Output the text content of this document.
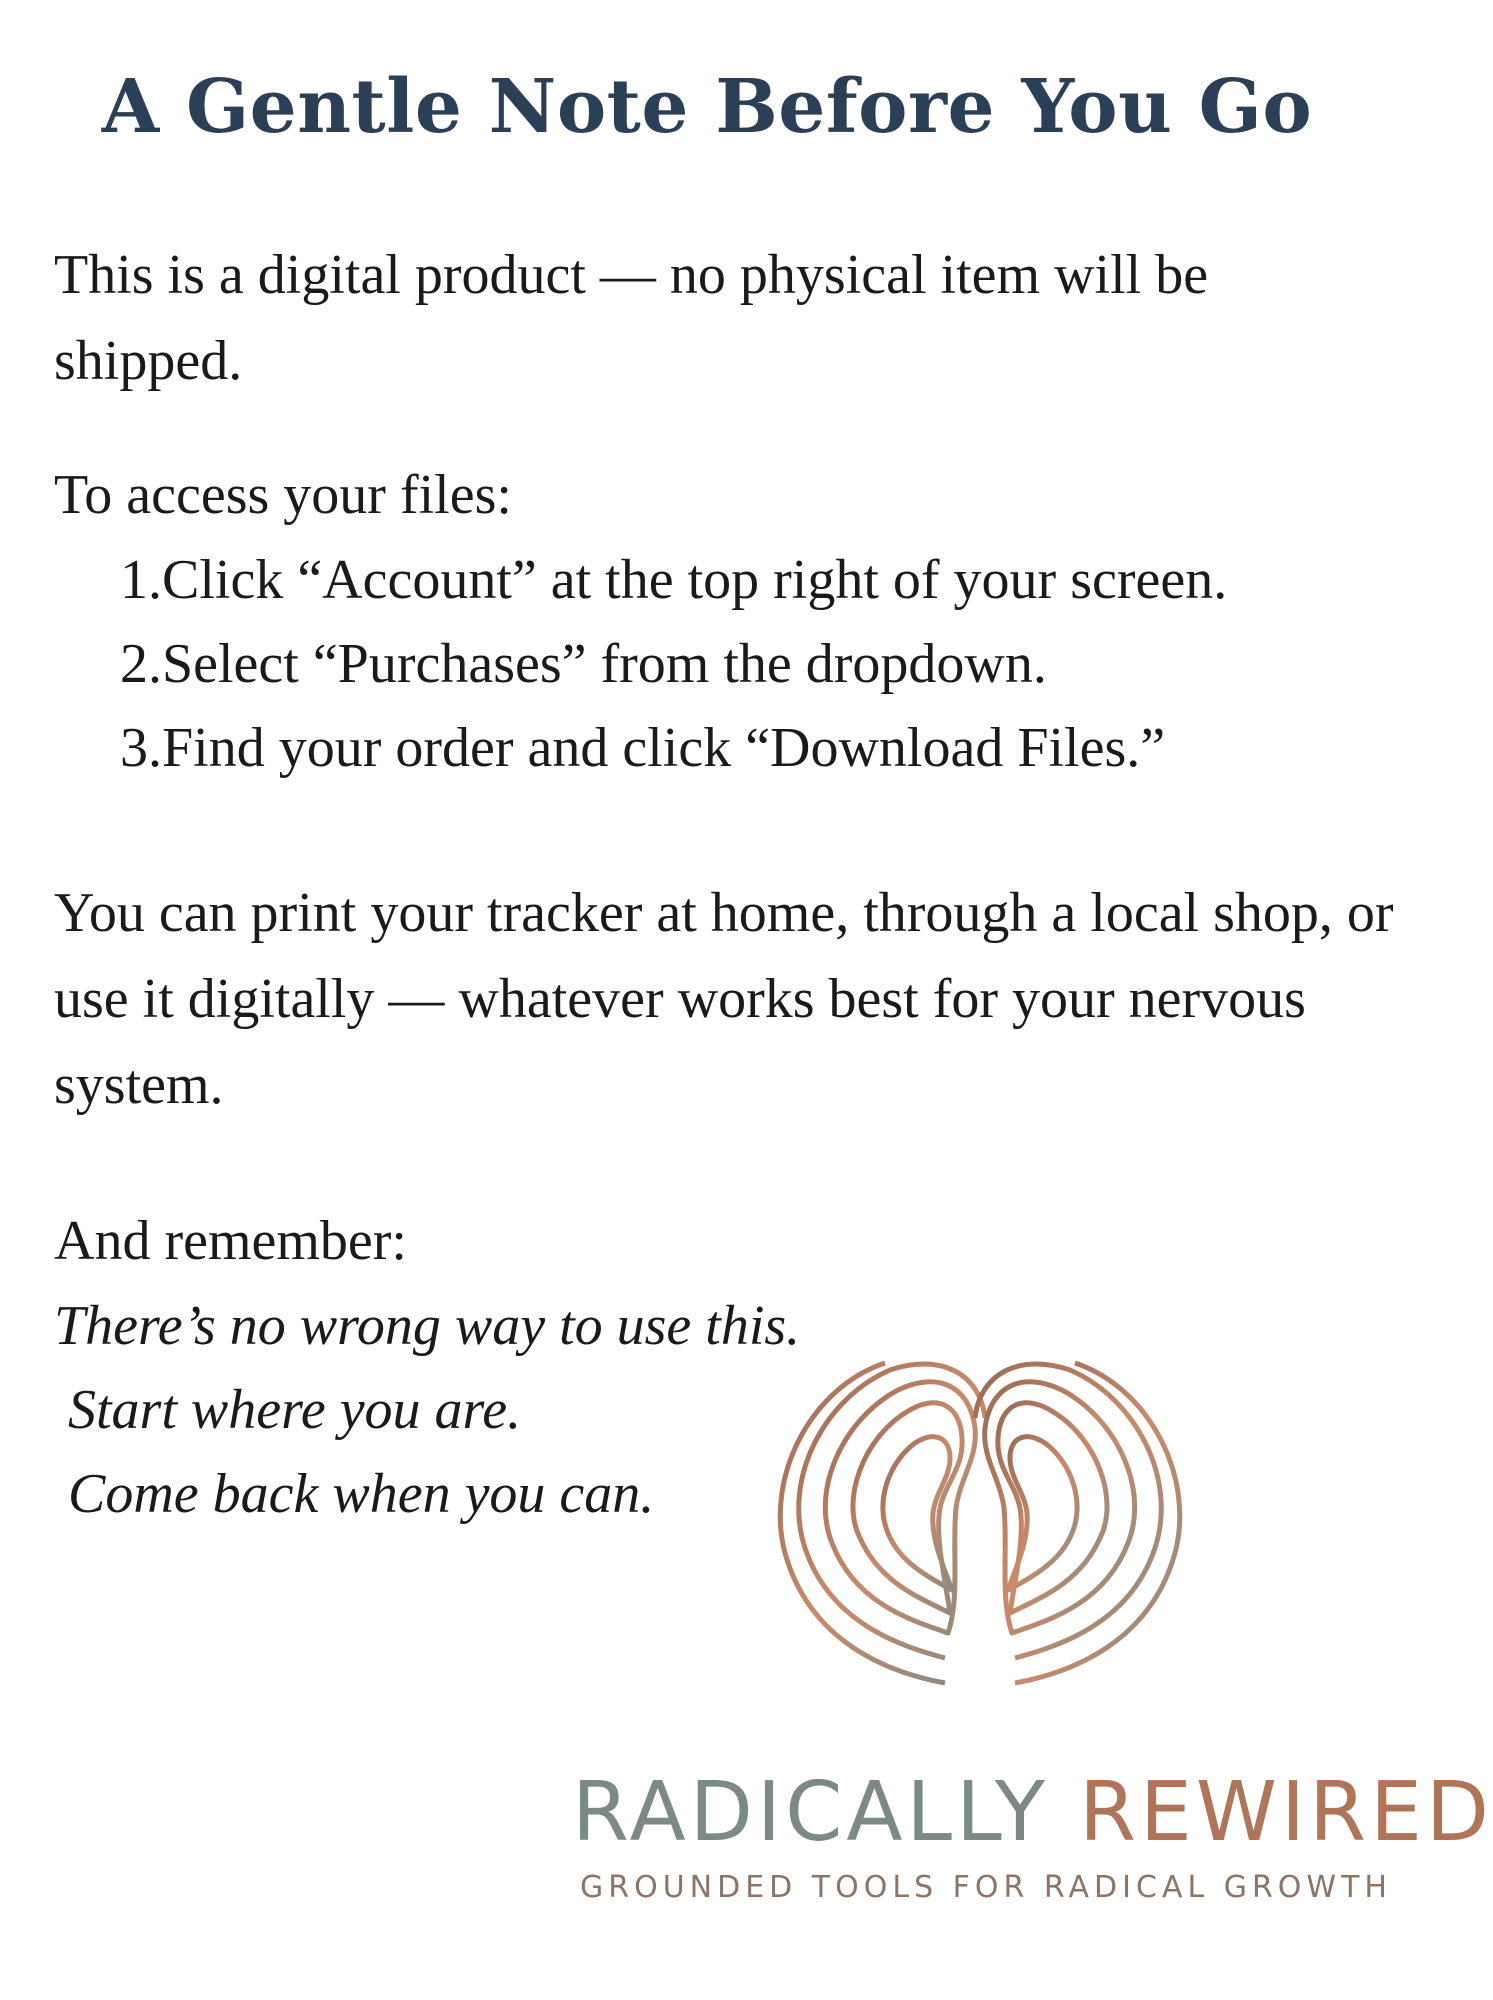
A Gentle Note Before You Go

This is a digital product — no physical item will be shipped.

To access your files:

1.Click “Account” at the top right of your screen.
2.Select “Purchases” from the dropdown.
3.Find your order and click “Download Files.”

You can print your tracker at home, through a local shop, or use it digitally — whatever works best for your nervous system.

And remember:

There’s no wrong way to use this.
Start where you are.
Come back when you can.
RADICALLY REWIRED
GROUNDED TOOLS FOR RADICAL GROWTH
